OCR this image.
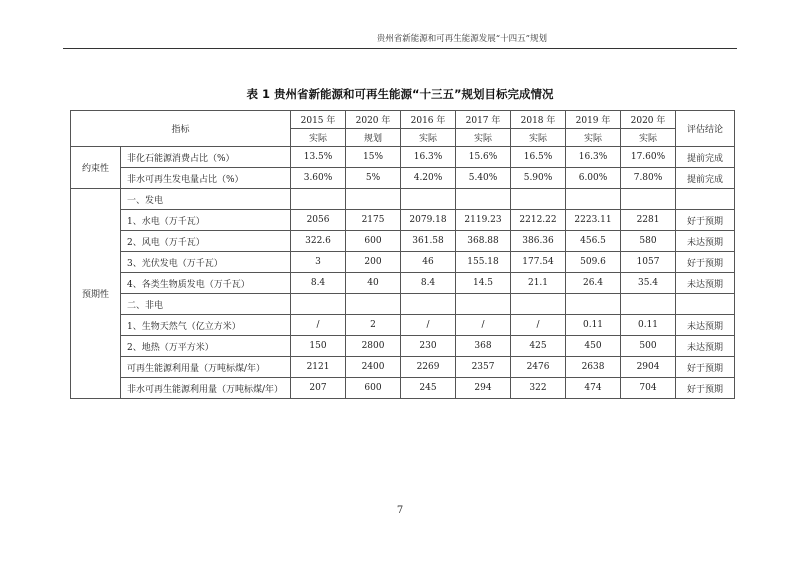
贵州省新能源和可再生能源发展“十四五”规划
表 1 贵州省新能源和可再生能源“十三五”规划目标完成情况
指标		2015 年	2020 年	2016 年	2017 年	2018 年	2019 年	2020 年	评估结论
		实际	规划	实际	实际	实际	实际	实际	
约束性	非化石能源消费占比（%）	13.5%	15%	16.3%	15.6%	16.5%	16.3%	17.60%	提前完成
	非水可再生发电量占比（%）	3.60%	5%	4.20%	5.40%	5.90%	6.00%	7.80%	提前完成
预期性	一、发电								
	1、水电（万千瓦）	2056	2175	2079.18	2119.23	2212.22	2223.11	2281	好于预期
	2、风电（万千瓦）	322.6	600	361.58	368.88	386.36	456.5	580	未达预期
	3、光伏发电（万千瓦）	3	200	46	155.18	177.54	509.6	1057	好于预期
	4、各类生物质发电（万千瓦）	8.4	40	8.4	14.5	21.1	26.4	35.4	未达预期
	二、非电								
	1、生物天然气（亿立方米）	/	2	/	/	/	0.11	0.11	未达预期
	2、地热（万平方米）	150	2800	230	368	425	450	500	未达预期
	可再生能源利用量（万吨标煤/年）	2121	2400	2269	2357	2476	2638	2904	好于预期
	非水可再生能源利用量（万吨标煤/年）	207	600	245	294	322	474	704	好于预期
7
